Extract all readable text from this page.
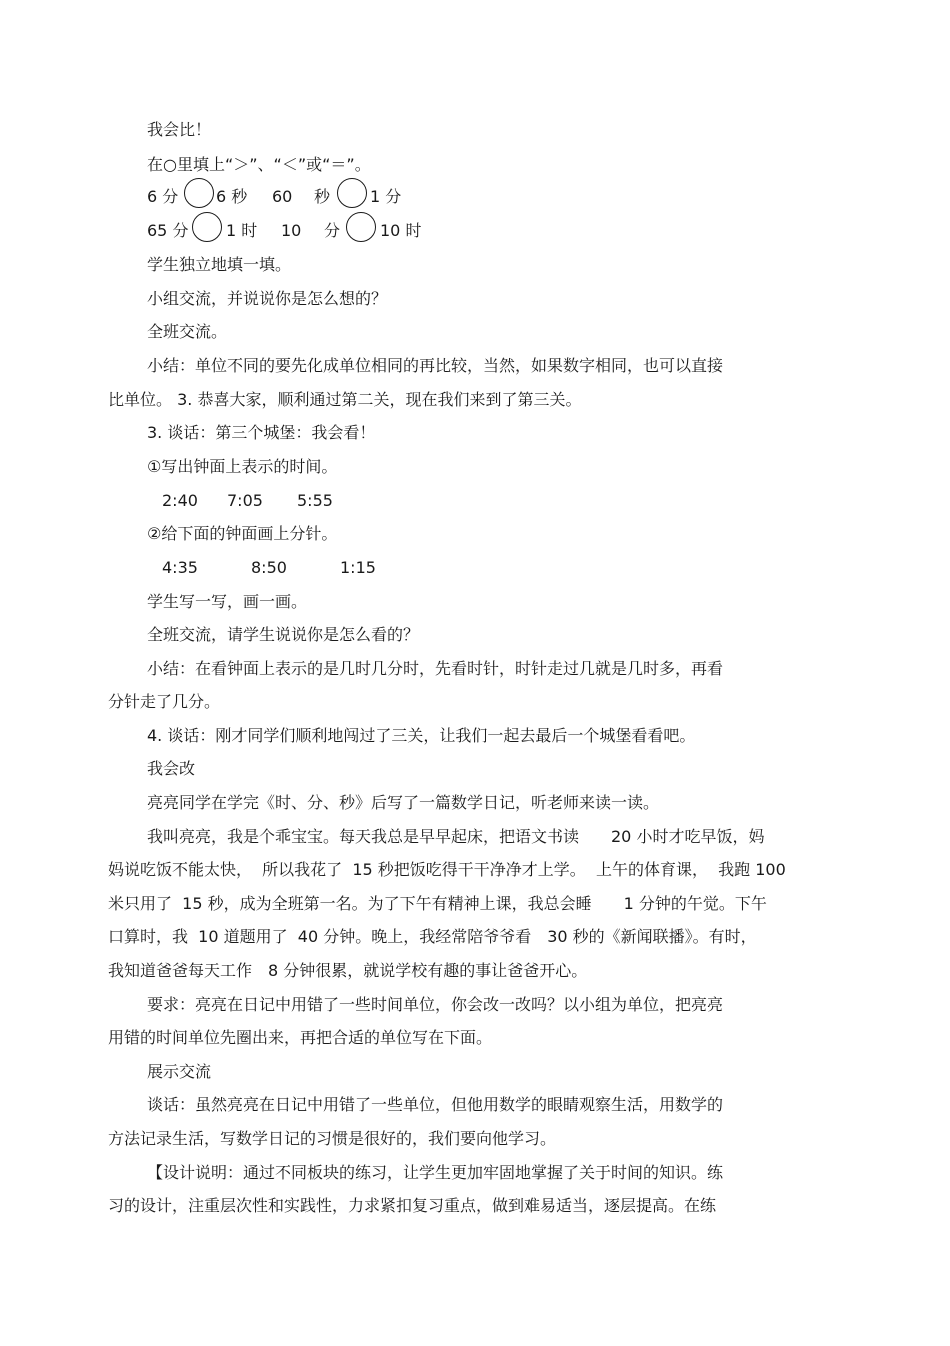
我会比！
在○里填上“＞”、“＜”或“＝”。
6 分 6 秒 60 秒 1 分
65 分 1 时 10 分 10 时
学生独立地填一填。
小组交流，并说说你是怎么想的？
全班交流。
小结：单位不同的要先化成单位相同的再比较，当然，如果数字相同，也可以直接
比单位。 3. 恭喜大家，顺利通过第二关，现在我们来到了第三关。
3. 谈话：第三个城堡：我会看！
①写出钟面上表示的时间。
2:40 7:05 5:55
②给下面的钟面画上分针。
4:35	8:50	1:15
学生写一写，画一画。
全班交流，请学生说说你是怎么看的？
小结：在看钟面上表示的是几时几分时，先看时针，时针走过几就是几时多，再看
分针走了几分。
4. 谈话：刚才同学们顺利地闯过了三关，让我们一起去最后一个城堡看看吧。
我会改
亮亮同学在学完《时、分、秒》后写了一篇数学日记，听老师来读一读。
我叫亮亮，我是个乖宝宝。每天我总是早早起床，把语文书读　　20 小时才吃早饭，妈
妈说吃饭不能太快，  所以我花了  15 秒把饭吃得干干净净才上学。  上午的体育课，  我跑 100
米只用了  15 秒，成为全班第一名。为了下午有精神上课，我总会睡　　1 分钟的午觉。下午
口算时，我  10 道题用了  40 分钟。晚上，我经常陪爷爷看　30 秒的《新闻联播》。有时，
我知道爸爸每天工作　8 分钟很累，就说学校有趣的事让爸爸开心。
要求：亮亮在日记中用错了一些时间单位，你会改一改吗？以小组为单位，把亮亮
用错的时间单位先圈出来，再把合适的单位写在下面。
展示交流
谈话：虽然亮亮在日记中用错了一些单位，但他用数学的眼睛观察生活，用数学的
方法记录生活，写数学日记的习惯是很好的，我们要向他学习。
【设计说明：通过不同板块的练习，让学生更加牢固地掌握了关于时间的知识。练
习的设计，注重层次性和实践性，力求紧扣复习重点，做到难易适当，逐层提高。在练
